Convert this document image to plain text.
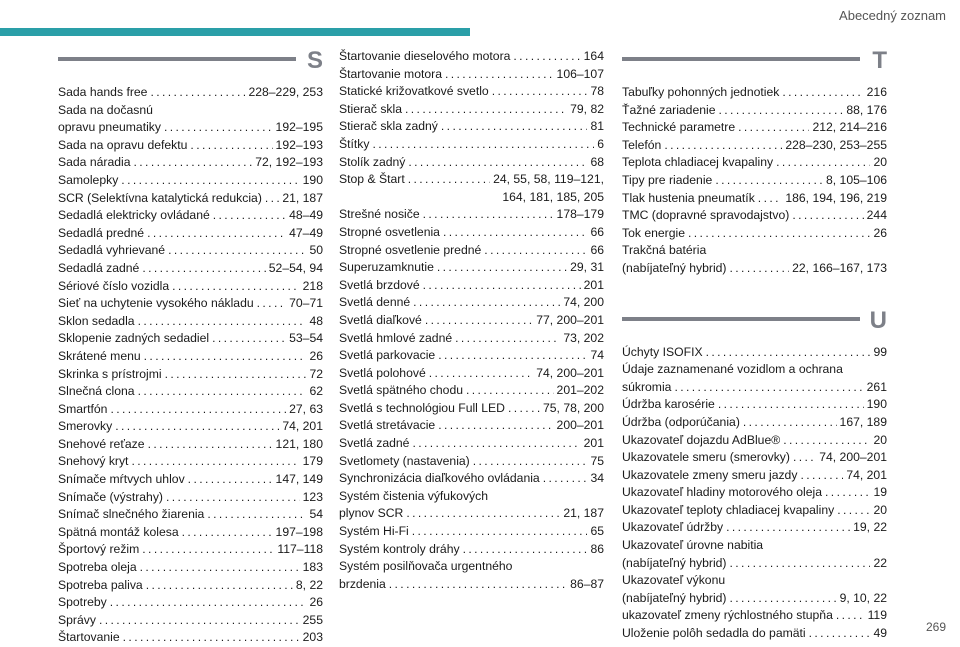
Abecedný zoznam
S
Sada hands free . . .	228–229, 253
Sada na dočasnú
opravu pneumatiky . . .	192–195
Sada na opravu defektu . . .	192–193
Sada náradia . . .	72, 192–193
Samolepky . . .	190
SCR (Selektívna katalytická redukcia) . . . 21, 187
Sedadlá elektricky ovládané . . .	48–49
Sedadlá predné . . .	47–49
Sedadlá vyhrievané . . .	50
Sedadlá zadné . . .	52–54, 94
Sériové číslo vozidla . . .	218
Sieť na uchytenie vysokého nákladu . . .	70–71
Sklon sedadla . . .	48
Sklopenie zadných sedadiel . . .	53–54
Skrátené menu . . .	26
Skrinka s prístrojmi . . .	72
Slnečná clona . . .	62
Smartfón . . .	27, 63
Smerovky . . .	74, 201
Snehové reťaze . . .	121, 180
Snehový kryt . . .	179
Snímače mŕtvych uhlov . . .	147, 149
Snímače (výstrahy) . . .	123
Snímač slnečného žiarenia . . .	54
Spätná montáž kolesa . . .	197–198
Športový režim . . .	117–118
Spotreba oleja . . .	183
Spotreba paliva . . .	8, 22
Spotreby . . .	26
Správy . . .	255
Štartovanie . . .	203
Štartovanie dieselového motora . . .	164
Štartovanie motora . . .	106–107
Statické križovatkové svetlo . . .	78
Stierač skla . . .	79, 82
Stierač skla zadný . . .	81
Štítky . . .	6
Stolík zadný . . .	68
Stop & Štart . . .	24, 55, 58, 119–121,
164, 181, 185, 205
Strešné nosiče . . .	178–179
Stropné osvetlenia . . .	66
Stropné osvetlenie predné . . .	66
Superuzamknutie . . .	29, 31
Svetlá brzdové . . .	201
Svetlá denné . . .	74, 200
Svetlá diaľkové . . .	77, 200–201
Svetlá hmlové zadné . . .	73, 202
Svetlá parkovacie . . .	74
Svetlá polohové . . .	74, 200–201
Svetlá spätného chodu . . .	201–202
Svetlá s technológiou Full LED . . .	75, 78, 200
Svetlá stretávacie . . .	200–201
Svetlá zadné . . .	201
Svetlomety (nastavenia) . . .	75
Synchronizácia diaľkového ovládania . . .	34
Systém čistenia výfukových
plynov SCR . . .	21, 187
Systém Hi-Fi . . .	65
Systém kontroly dráhy . . .	86
Systém posilňovača urgentného
brzdenia . . .	86–87
T
Tabuľky pohonných jednotiek . . .	216
Ťažné zariadenie . . .	88, 176
Technické parametre . . .	212, 214–216
Telefón . . .	228–230, 253–255
Teplota chladiacej kvapaliny . . .	20
Tipy pre riadenie . . .	8, 105–106
Tlak hustenia pneumatík . . .	186, 194, 196, 219
TMC (dopravné spravodajstvo) . . .	244
Tok energie . . .	26
Trakčná batéria
(nabíjateľný hybrid) . . .	22, 166–167, 173
U
Úchyty ISOFIX . . .	99
Údaje zaznamenané vozidlom a ochrana
súkromia . . .	261
Údržba karosérie . . .	190
Údržba (odporúčania) . . .	167, 189
Ukazovateľ dojazdu AdBlue® . . .	20
Ukazovatele smeru (smerovky) . . . 74, 200–201
Ukazovatele zmeny smeru jazdy . . .	74, 201
Ukazovateľ hladiny motorového oleja . . .	19
Ukazovateľ teploty chladiacej kvapaliny . . .	20
Ukazovateľ údržby . . .	19, 22
Ukazovateľ úrovne nabitia
(nabíjateľný hybrid) . . .	22
Ukazovateľ výkonu
(nabíjateľný hybrid) . . .	9, 10, 22
ukazovateľ zmeny rýchlostného stupňa . . .	119
Uloženie polôh sedadla do pamäti . . .	49	269
